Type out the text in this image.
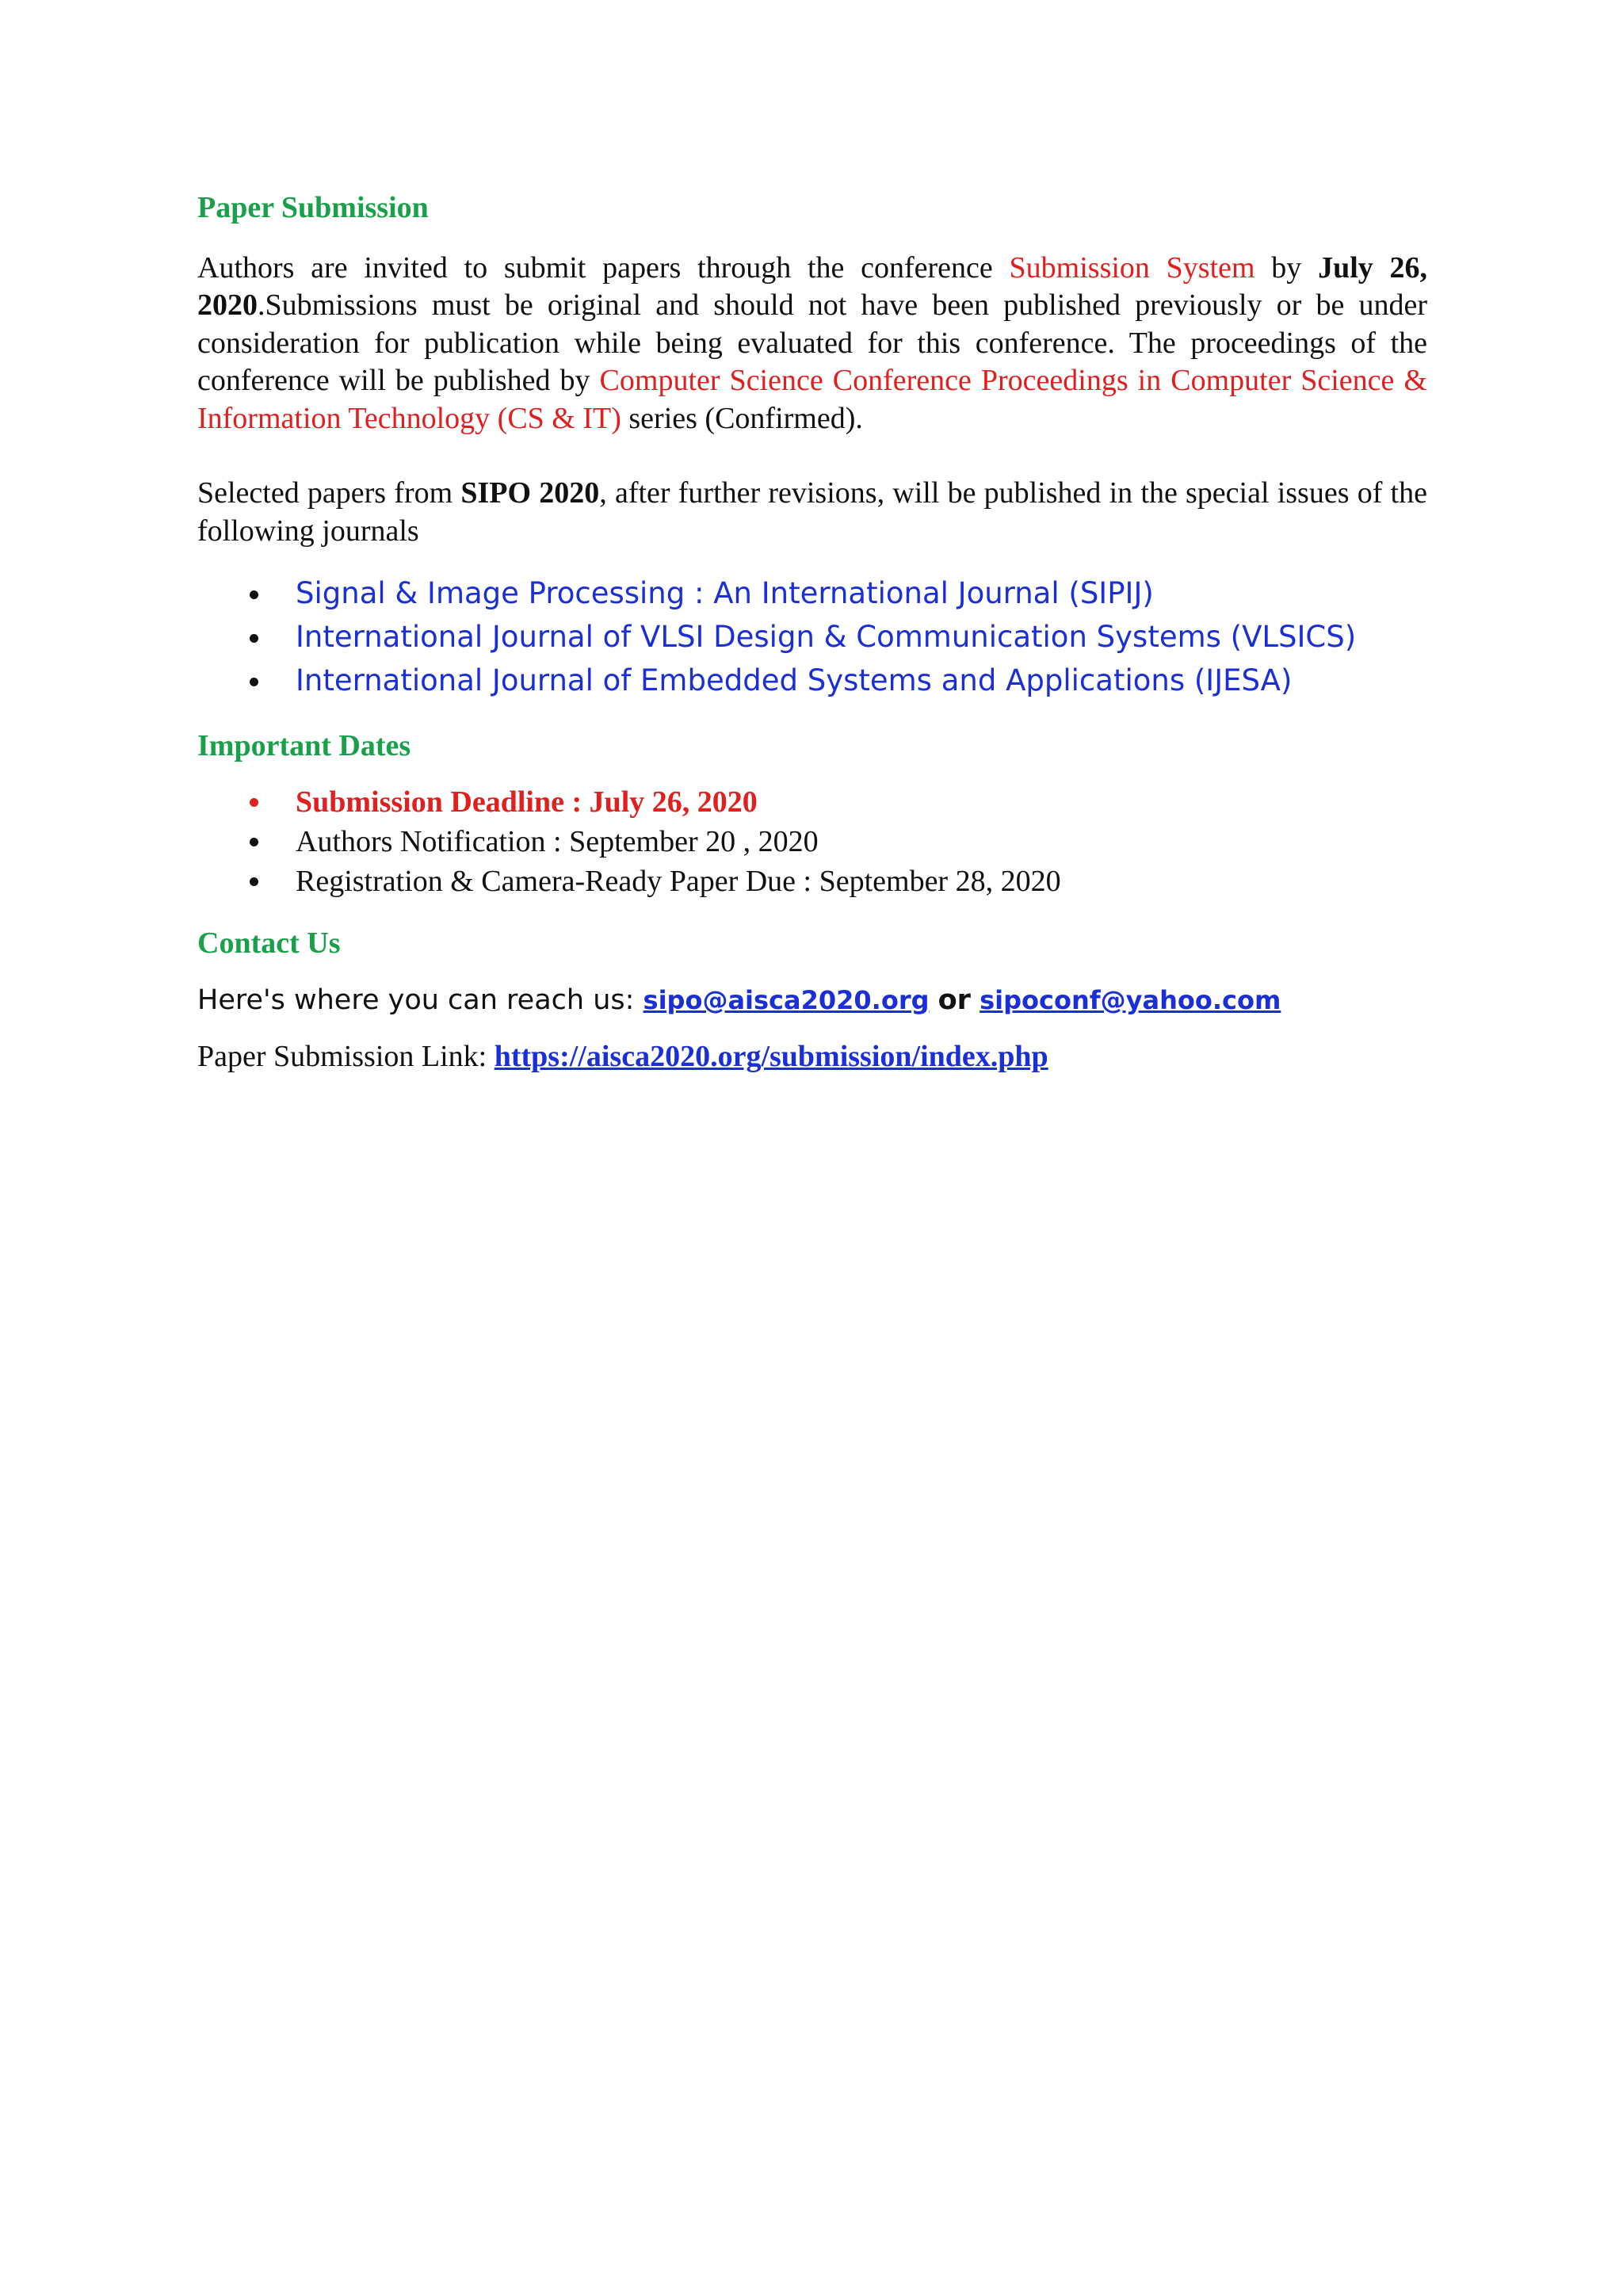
Paper Submission

Authors are invited to submit papers through the conference Submission System by July 26, 2020.Submissions must be original and should not have been published previously or be under consideration for publication while being evaluated for this conference. The proceedings of the conference will be published by Computer Science Conference Proceedings in Computer Science & Information Technology (CS & IT) series (Confirmed).

Selected papers from SIPO 2020, after further revisions, will be published in the special issues of the following journals

Signal & Image Processing : An International Journal (SIPIJ)
International Journal of VLSI Design & Communication Systems (VLSICS)
International Journal of Embedded Systems and Applications (IJESA)
Important Dates
Submission Deadline : July 26, 2020
Authors Notification : September 20 , 2020
Registration & Camera-Ready Paper Due : September 28, 2020
Contact Us

Here's where you can reach us: sipo@aisca2020.org or sipoconf@yahoo.com

Paper Submission Link: https://aisca2020.org/submission/index.php
